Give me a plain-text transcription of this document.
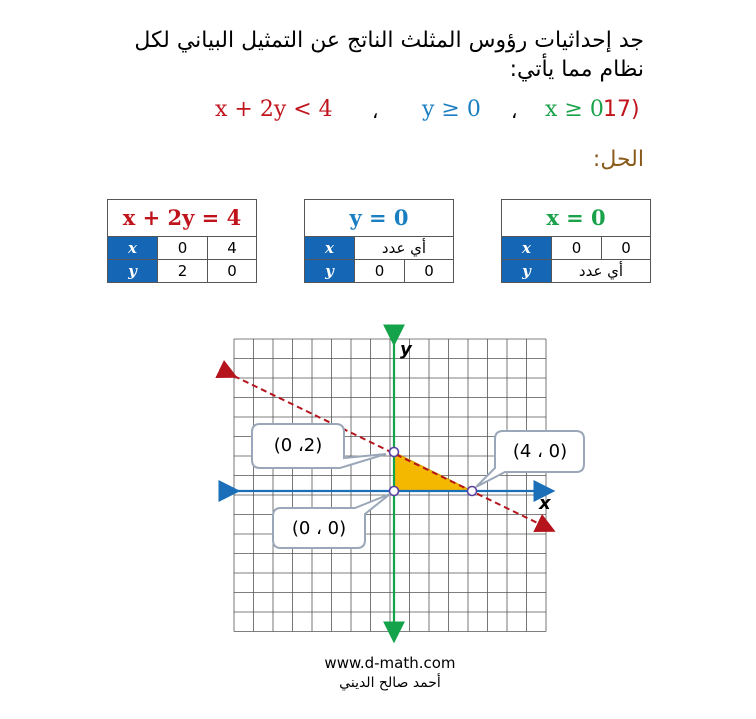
جد إحداثيات رؤوس المثلث الناتج عن التمثيل البياني لكل نظام مما يأتي:
17)
x ≥ 0
،
y ≥ 0
،
x + 2y < 4
الحل:
x + 2y = 4
x	0	4
y	2	0
y = 0
x	أي عدد
y	0	0
x = 0
x	0	0
y	أي عدد
y
x
(0 ،2)	(4 ، 0)
(0 ، 0)
www.d-math.com
أحمد صالح الديني
